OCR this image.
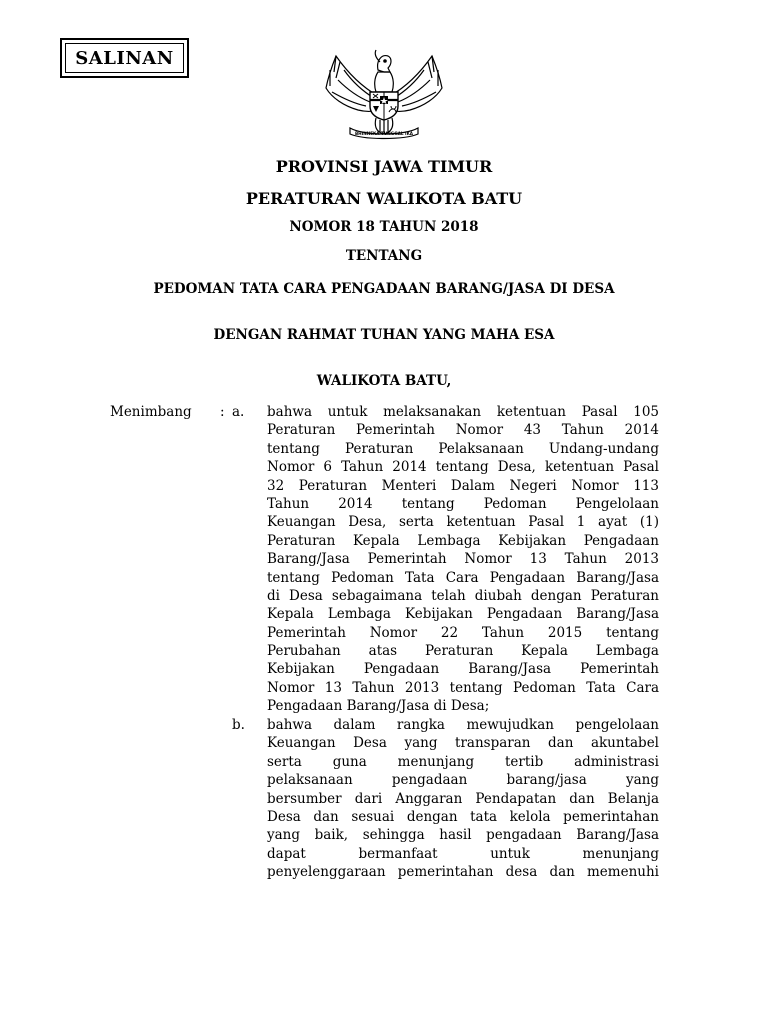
SALINAN
BHINNEKA TUNGGAL IKA
PROVINSI JAWA TIMUR
PERATURAN WALIKOTA BATU
NOMOR 18 TAHUN 2018
TENTANG
PEDOMAN TATA CARA PENGADAAN BARANG/JASA DI DESA
DENGAN RAHMAT TUHAN YANG MAHA ESA
WALIKOTA BATU,
Menimbang : a. bahwa untuk melaksanakan ketentuan Pasal 105
Peraturan Pemerintah Nomor 43 Tahun 2014
tentang Peraturan Pelaksanaan Undang-undang
Nomor 6 Tahun 2014 tentang Desa, ketentuan Pasal
32 Peraturan Menteri Dalam Negeri Nomor 113
Tahun 2014 tentang Pedoman Pengelolaan
Keuangan Desa, serta ketentuan Pasal 1 ayat (1)
Peraturan Kepala Lembaga Kebijakan Pengadaan
Barang/Jasa Pemerintah Nomor 13 Tahun 2013
tentang Pedoman Tata Cara Pengadaan Barang/Jasa
di Desa sebagaimana telah diubah dengan Peraturan
Kepala Lembaga Kebijakan Pengadaan Barang/Jasa
Pemerintah Nomor 22 Tahun 2015 tentang
Perubahan atas Peraturan Kepala Lembaga
Kebijakan Pengadaan Barang/Jasa Pemerintah
Nomor 13 Tahun 2013 tentang Pedoman Tata Cara
Pengadaan Barang/Jasa di Desa;
b. bahwa dalam rangka mewujudkan pengelolaan
Keuangan Desa yang transparan dan akuntabel
serta guna menunjang tertib administrasi
pelaksanaan pengadaan barang/jasa yang
bersumber dari Anggaran Pendapatan dan Belanja
Desa dan sesuai dengan tata kelola pemerintahan
yang baik, sehingga hasil pengadaan Barang/Jasa
dapat bermanfaat untuk menunjang
penyelenggaraan pemerintahan desa dan memenuhi
